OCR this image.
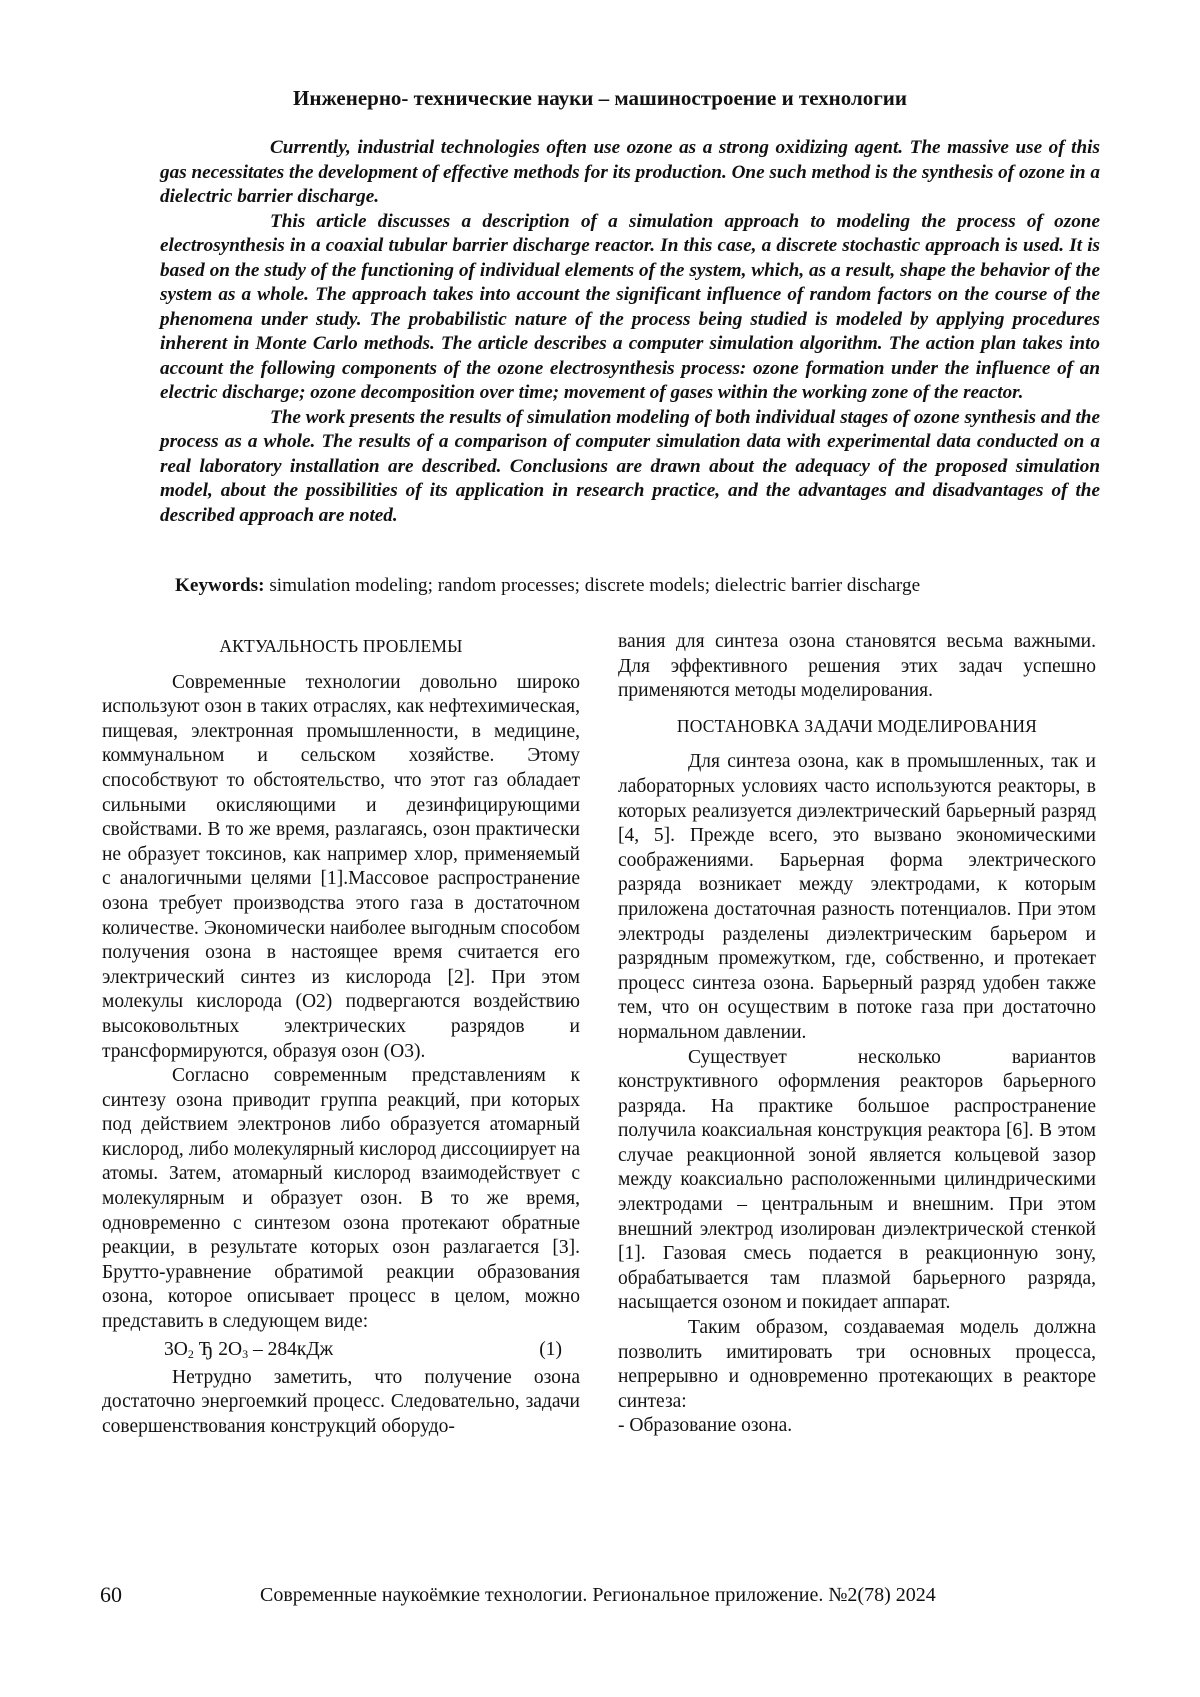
Инженерно- технические науки – машиностроение и технологии

Currently, industrial technologies often use ozone as a strong oxidizing agent. The massive use of this gas necessitates the development of effective methods for its production. One such method is the synthesis of ozone in a dielectric barrier discharge.

This article discusses a description of a simulation approach to modeling the process of ozone electrosynthesis in a coaxial tubular barrier discharge reactor. In this case, a discrete stochastic approach is used. It is based on the study of the functioning of individual elements of the system, which, as a result, shape the behavior of the system as a whole. The approach takes into account the significant influence of random factors on the course of the phenomena under study. The probabilistic nature of the process being studied is modeled by applying procedures inherent in Monte Carlo methods. The article describes a computer simulation algorithm. The action plan takes into account the following components of the ozone electrosynthesis process: ozone formation under the influence of an electric discharge; ozone decomposition over time; movement of gases within the working zone of the reactor.

The work presents the results of simulation modeling of both individual stages of ozone synthesis and the process as a whole. The results of a comparison of computer simulation data with experimental data conducted on a real laboratory installation are described. Conclusions are drawn about the adequacy of the proposed simulation model, about the possibilities of its application in research practice, and the advantages and disadvantages of the described approach are noted.

Keywords: simulation modeling; random processes; discrete models; dielectric barrier discharge

АКТУАЛЬНОСТЬ ПРОБЛЕМЫ

Современные технологии довольно широко используют озон в таких отраслях, как нефтехимическая, пищевая, электронная промышленности, в медицине, коммунальном и сельском хозяйстве. Этому способствуют то обстоятельство, что этот газ обладает сильными окисляющими и дезинфицирующими свойствами. В то же время, разлагаясь, озон практически не образует токсинов, как например хлор, применяемый с аналогичными целями [1].Массовое распространение озона требует производства этого газа в достаточном количестве. Экономически наиболее выгодным способом получения озона в настоящее время считается его электрический синтез из кислорода [2]. При этом молекулы кислорода (О2) подвергаются воздействию высоковольтных электрических разрядов и трансформируются, образуя озон (О3).

Согласно современным представлениям к синтезу озона приводит группа реакций, при которых под действием электронов либо образуется атомарный кислород, либо молекулярный кислород диссоциирует на атомы. Затем, атомарный кислород взаимодействует с молекулярным и образует озон. В то же время, одновременно с синтезом озона протекают обратные реакции, в результате которых озон разлагается [3]. Брутто-уравнение обратимой реакции образования озона, которое описывает процесс в целом, можно представить в следующем виде:

$3O_2$ Ђ $2O_3 - 284кДж$	(1)

Нетрудно заметить, что получение озона достаточно энергоемкий процесс. Следовательно, задачи совершенствования конструкций оборудо-

вания для синтеза озона становятся весьма важными. Для эффективного решения этих задач успешно применяются методы моделирования.

ПОСТАНОВКА ЗАДАЧИ МОДЕЛИРОВАНИЯ

Для синтеза озона, как в промышленных, так и лабораторных условиях часто используются реакторы, в которых реализуется диэлектрический барьерный разряд [4, 5]. Прежде всего, это вызвано экономическими соображениями. Барьерная форма электрического разряда возникает между электродами, к которым приложена достаточная разность потенциалов. При этом электроды разделены диэлектрическим барьером и разрядным промежутком, где, собственно, и протекает процесс синтеза озона. Барьерный разряд удобен также тем, что он осуществим в потоке газа при достаточно нормальном давлении.

Существует несколько вариантов конструктивного оформления реакторов барьерного разряда. На практике большое распространение получила коаксиальная конструкция реактора [6]. В этом случае реакционной зоной является кольцевой зазор между коаксиально расположенными цилиндрическими электродами – центральным и внешним. При этом внешний электрод изолирован диэлектрической стенкой [1]. Газовая смесь подается в реакционную зону, обрабатывается там плазмой барьерного разряда, насыщается озоном и покидает аппарат.

Таким образом, создаваемая модель должна позволить имитировать три основных процесса, непрерывно и одновременно протекающих в реакторе синтеза:

- Образование озона.

60	Современные наукоёмкие технологии. Региональное приложение. №2(78) 2024
